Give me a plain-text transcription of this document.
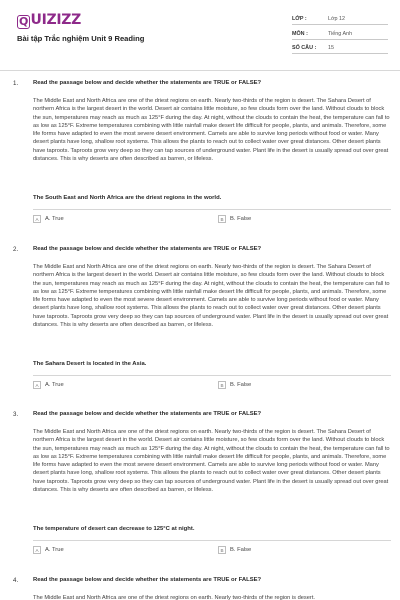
Q UIZIZZ
Bài tập Trắc nghiệm Unit 9 Reading
LỚP :	Lớp 12
MÔN :	Tiếng Anh
SỐ CÂU : 15
1.	Read the passage below and decide whether the statements are TRUE or FALSE?
The Middle East and North Africa are one of the driest regions on earth. Nearly two-thirds of the region is desert. The Sahara Desert of northern Africa is the largest desert in the world. Desert air contains little moisture, so few clouds form over the land. Without clouds to block the sun, temperatures may reach as much as 125°F during the day. At night, without the clouds to contain the heat, the temperature can fall to as low as 125°F. Extreme temperatures combining with little rainfall make desert life difficult for people, plants, and animals. Therefore, some life forms have adapted to even the most severe desert environment. Camels are able to survive long periods without food or water. Many desert plants have long, shallow root systems. This allows the plants to reach out to collect water over great distances. Other desert plants have taproots. Taproots grow very deep so they can tap sources of underground water. Plant life in the desert is usually spread out over great distances. This is why deserts are often described as barren, or lifeless.
The South East and North Africa are the driest regions in the world.
A A. True	B B. False
2.	Read the passage below and decide whether the statements are TRUE or FALSE?
The Middle East and North Africa are one of the driest regions on earth. Nearly two-thirds of the region is desert. The Sahara Desert of northern Africa is the largest desert in the world. Desert air contains little moisture, so few clouds form over the land. Without clouds to block the sun, temperatures may reach as much as 125°F during the day. At night, without the clouds to contain the heat, the temperature can fall to as low as 125°F. Extreme temperatures combining with little rainfall make desert life difficult for people, plants, and animals. Therefore, some life forms have adapted to even the most severe desert environment. Camels are able to survive long periods without food or water. Many desert plants have long, shallow root systems. This allows the plants to reach out to collect water over great distances. Other desert plants have taproots. Taproots grow very deep so they can tap sources of underground water. Plant life in the desert is usually spread out over great distances. This is why deserts are often described as barren, or lifeless.
The Sahara Desert is located in the Asia.
A A. True	B B. False
3.	Read the passage below and decide whether the statements are TRUE or FALSE?
The Middle East and North Africa are one of the driest regions on earth. Nearly two-thirds of the region is desert. The Sahara Desert of northern Africa is the largest desert in the world. Desert air contains little moisture, so few clouds form over the land. Without clouds to block the sun, temperatures may reach as much as 125°F during the day. At night, without the clouds to contain the heat, the temperature can fall to as low as 125°F. Extreme temperatures combining with little rainfall make desert life difficult for people, plants, and animals. Therefore, some life forms have adapted to even the most severe desert environment. Camels are able to survive long periods without food or water. Many desert plants have long, shallow root systems. This allows the plants to reach out to collect water over great distances. Other desert plants have taproots. Taproots grow very deep so they can tap sources of underground water. Plant life in the desert is usually spread out over great distances. This is why deserts are often described as barren, or lifeless.
The temperature of desert can decrease to 125°C at night.
A A. True	B B. False
4.	Read the passage below and decide whether the statements are TRUE or FALSE?
The Middle East and North Africa are one of the driest regions on earth. Nearly two-thirds of the region is desert.
